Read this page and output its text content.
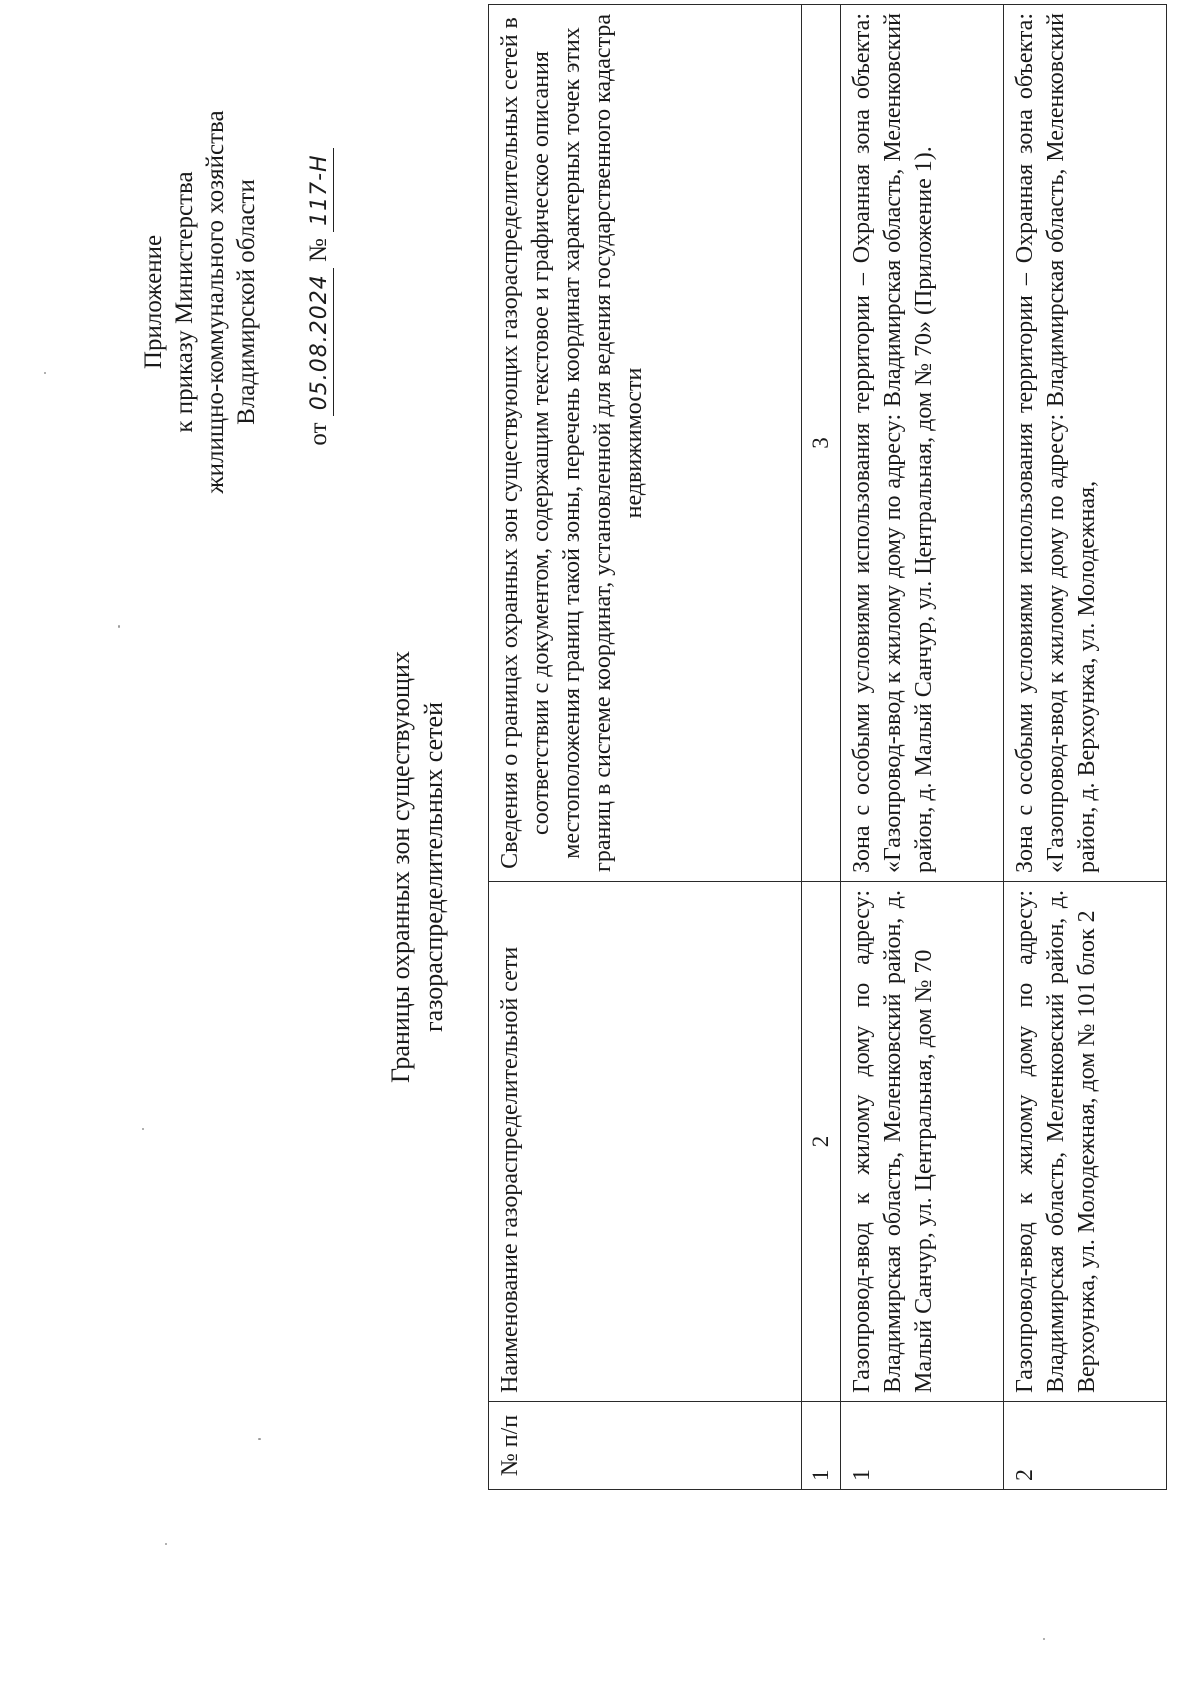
Приложение к приказу Министерства жилищно-коммунального хозяйства Владимирской области
от 05.08.2024 № 117-Н
Границы охранных зон существующих газораспределительных сетей
№ п/п	Наименование газораспределительной сети	Сведения о границах охранных зон существующих газораспределительных сетей в соответствии с документом, содержащим текстовое и графическое описания местоположения границ такой зоны, перечень координат характерных точек этих границ в системе координат, установленной для ведения государственного кадастра недвижимости
1	2	3
1	Газопровод-ввод к жилому дому по адресу: Владимирская область, Меленковский район, д. Малый Санчур, ул. Центральная, дом № 70	Зона с особыми условиями использования территории – Охранная зона объекта: «Газопровод-ввод к жилому дому по адресу: Владимирская область, Меленковский район, д. Малый Санчур, ул. Центральная, дом № 70» (Приложение 1).
2	Газопровод-ввод к жилому дому по адресу: Владимирская область, Меленковский район, д. Верхоунжа, ул. Молодежная, дом № 101 блок 2	Зона с особыми условиями использования территории – Охранная зона объекта: «Газопровод-ввод к жилому дому по адресу: Владимирская область, Меленковский район, д. Верхоунжа, ул. Молодежная,
